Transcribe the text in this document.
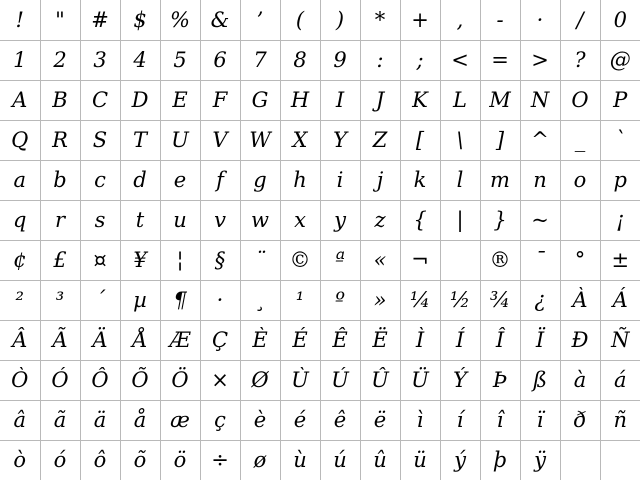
!	"	#	$	%	&	’	(	)	*	+	,	-	·	/	0
1	2	3	4	5	6	7	8	9	:	;	<	=	>	?	@
A	B	C	D	E	F	G	H	I	J	K	L	M	N	O	P
Q	R	S	T	U	V	W	X	Y	Z	[	\	]	^	_	`
a	b	c	d	e	f	g	h	i	j	k	l	m	n	o	p
q	r	s	t	u	v	w	x	y	z	{	|	}	~		¡
¢	£	¤	¥	¦	§	¨	©	ª	«	¬		®	¯	°	±
²	³	´	µ	¶	·	¸	¹	º	»	¼	½	¾	¿	À	Á
Â	Ã	Ä	Å	Æ	Ç	È	É	Ê	Ë	Ì	Í	Î	Ï	Ð	Ñ
Ò	Ó	Ô	Õ	Ö	×	Ø	Ù	Ú	Û	Ü	Ý	Þ	ß	à	á
â	ã	ä	å	æ	ç	è	é	ê	ë	ì	í	î	ï	ð	ñ
ò	ó	ô	õ	ö	÷	ø	ù	ú	û	ü	ý	þ	ÿ		
